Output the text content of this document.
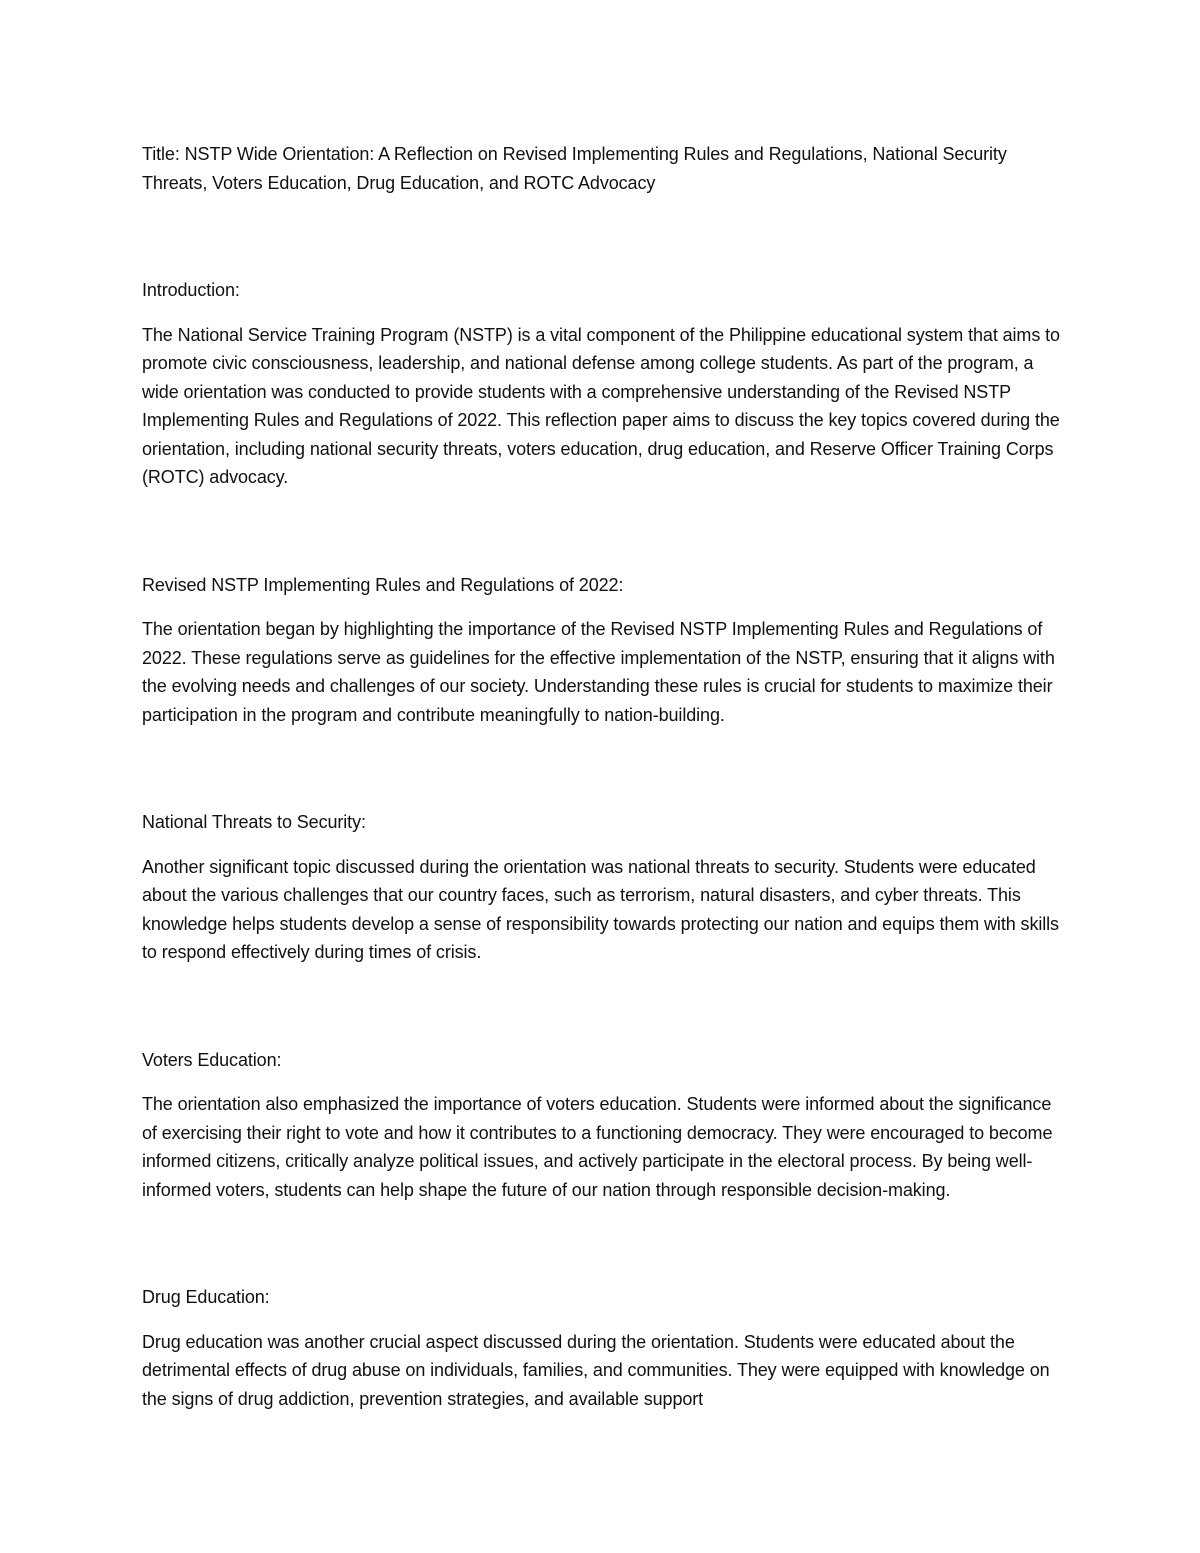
Title: NSTP Wide Orientation: A Reflection on Revised Implementing Rules and Regulations, National Security Threats, Voters Education, Drug Education, and ROTC Advocacy

Introduction:

The National Service Training Program (NSTP) is a vital component of the Philippine educational system that aims to promote civic consciousness, leadership, and national defense among college students. As part of the program, a wide orientation was conducted to provide students with a comprehensive understanding of the Revised NSTP Implementing Rules and Regulations of 2022. This reflection paper aims to discuss the key topics covered during the orientation, including national security threats, voters education, drug education, and Reserve Officer Training Corps (ROTC) advocacy.

Revised NSTP Implementing Rules and Regulations of 2022:

The orientation began by highlighting the importance of the Revised NSTP Implementing Rules and Regulations of 2022. These regulations serve as guidelines for the effective implementation of the NSTP, ensuring that it aligns with the evolving needs and challenges of our society. Understanding these rules is crucial for students to maximize their participation in the program and contribute meaningfully to nation-building.

National Threats to Security:

Another significant topic discussed during the orientation was national threats to security. Students were educated about the various challenges that our country faces, such as terrorism, natural disasters, and cyber threats. This knowledge helps students develop a sense of responsibility towards protecting our nation and equips them with skills to respond effectively during times of crisis.

Voters Education:

The orientation also emphasized the importance of voters education. Students were informed about the significance of exercising their right to vote and how it contributes to a functioning democracy. They were encouraged to become informed citizens, critically analyze political issues, and actively participate in the electoral process. By being well-informed voters, students can help shape the future of our nation through responsible decision-making.

Drug Education:

Drug education was another crucial aspect discussed during the orientation. Students were educated about the detrimental effects of drug abuse on individuals, families, and communities. They were equipped with knowledge on the signs of drug addiction, prevention strategies, and available support
